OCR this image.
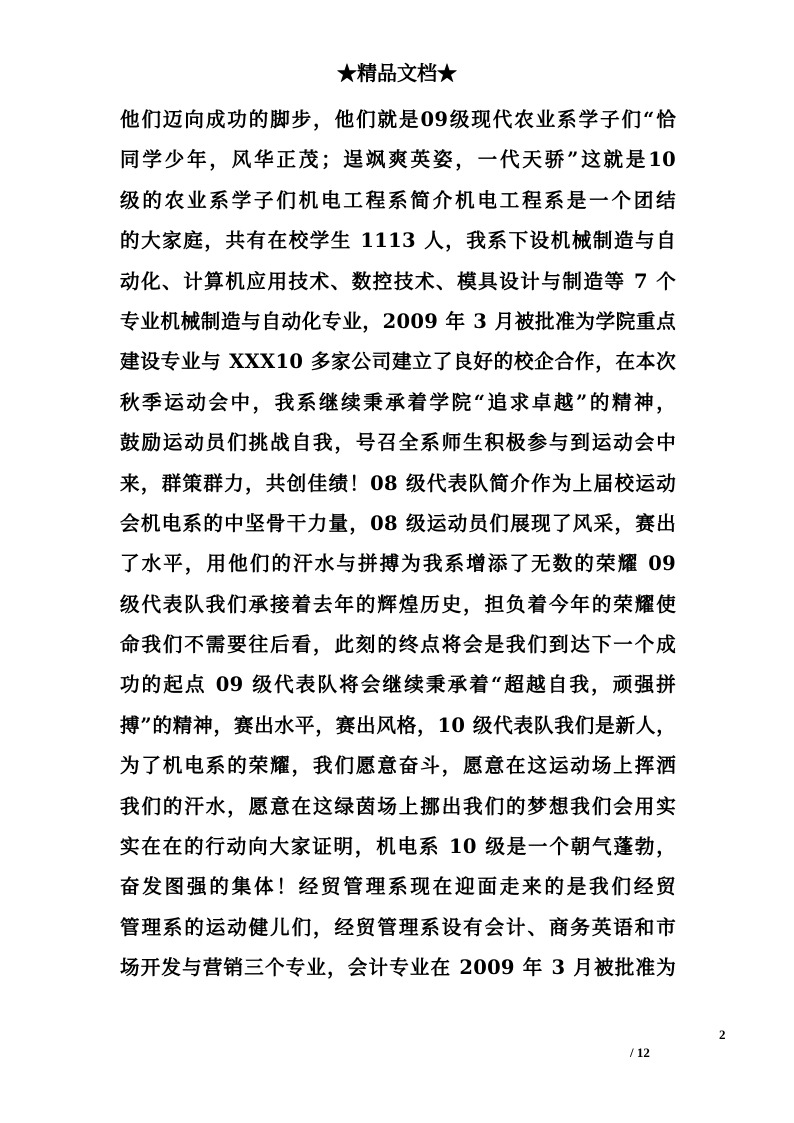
★精品文档★
他们迈向成功的脚步，他们就是09级现代农业系学子们“恰
同学少年，风华正茂；逞飒爽英姿，一代天骄”这就是10
级的农业系学子们机电工程系简介机电工程系是一个团结
的大家庭，共有在校学生 1113 人，我系下设机械制造与自
动化、计算机应用技术、数控技术、模具设计与制造等 7 个
专业机械制造与自动化专业，2009 年 3 月被批准为学院重点
建设专业与 XXX10 多家公司建立了良好的校企合作，在本次
秋季运动会中，我系继续秉承着学院“追求卓越”的精神，
鼓励运动员们挑战自我，号召全系师生积极参与到运动会中
来，群策群力，共创佳绩！08 级代表队简介作为上届校运动
会机电系的中坚骨干力量，08 级运动员们展现了风采，赛出
了水平，用他们的汗水与拼搏为我系增添了无数的荣耀 09
级代表队我们承接着去年的辉煌历史，担负着今年的荣耀使
命我们不需要往后看，此刻的终点将会是我们到达下一个成
功的起点 09 级代表队将会继续秉承着“超越自我，顽强拼
搏”的精神，赛出水平，赛出风格，10 级代表队我们是新人，
为了机电系的荣耀，我们愿意奋斗，愿意在这运动场上挥洒
我们的汗水，愿意在这绿茵场上挪出我们的梦想我们会用实
实在在的行动向大家证明，机电系 10 级是一个朝气蓬勃，
奋发图强的集体！经贸管理系现在迎面走来的是我们经贸
管理系的运动健儿们，经贸管理系设有会计、商务英语和市
场开发与营销三个专业，会计专业在 2009 年 3 月被批准为
2
/ 12
